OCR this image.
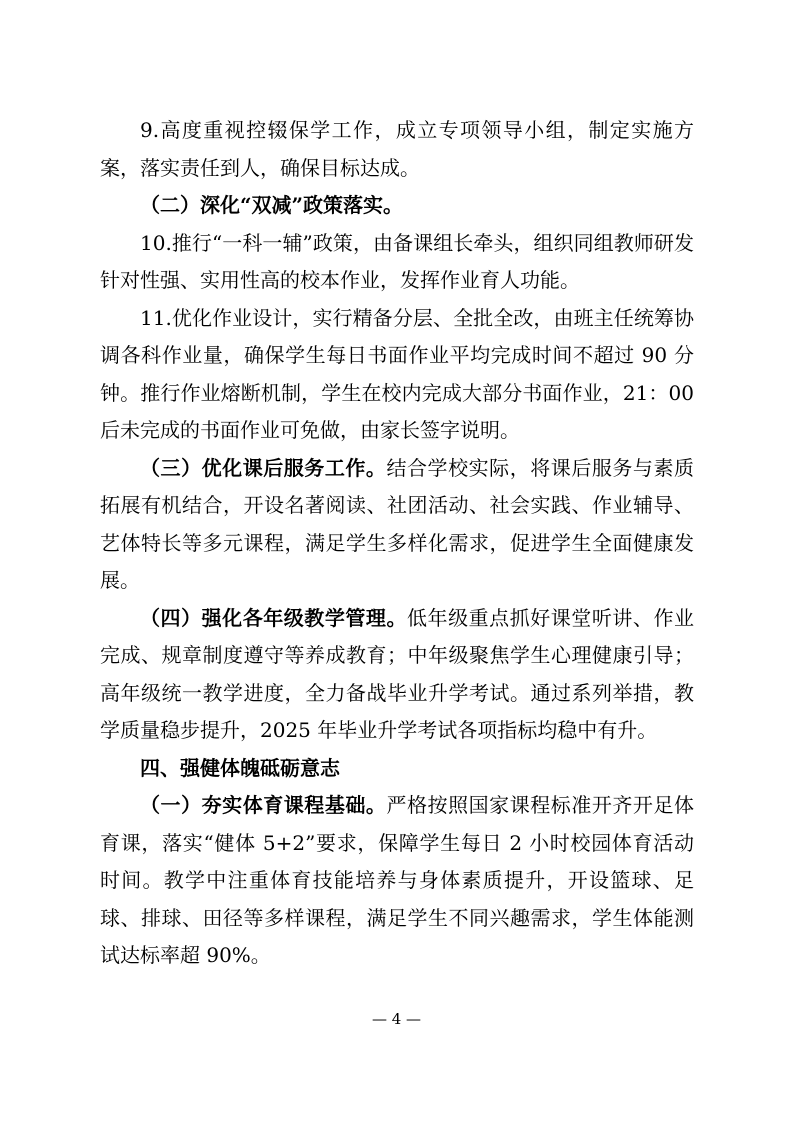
9.高度重视控辍保学工作，成立专项领导小组，制定实施方案，落实责任到人，确保目标达成。

（二）深化“双减”政策落实。

10.推行“一科一辅”政策，由备课组长牵头，组织同组教师研发针对性强、实用性高的校本作业，发挥作业育人功能。

11.优化作业设计，实行精备分层、全批全改，由班主任统筹协调各科作业量，确保学生每日书面作业平均完成时间不超过 90 分钟。推行作业熔断机制，学生在校内完成大部分书面作业，21：00 后未完成的书面作业可免做，由家长签字说明。

（三）优化课后服务工作。结合学校实际，将课后服务与素质拓展有机结合，开设名著阅读、社团活动、社会实践、作业辅导、艺体特长等多元课程，满足学生多样化需求，促进学生全面健康发展。

（四）强化各年级教学管理。低年级重点抓好课堂听讲、作业完成、规章制度遵守等养成教育；中年级聚焦学生心理健康引导；高年级统一教学进度，全力备战毕业升学考试。通过系列举措，教学质量稳步提升，2025 年毕业升学考试各项指标均稳中有升。

四、强健体魄砥砺意志

（一）夯实体育课程基础。严格按照国家课程标准开齐开足体育课，落实“健体 5+2”要求，保障学生每日 2 小时校园体育活动时间。教学中注重体育技能培养与身体素质提升，开设篮球、足球、排球、田径等多样课程，满足学生不同兴趣需求，学生体能测试达标率超 90%。

— 4 —
